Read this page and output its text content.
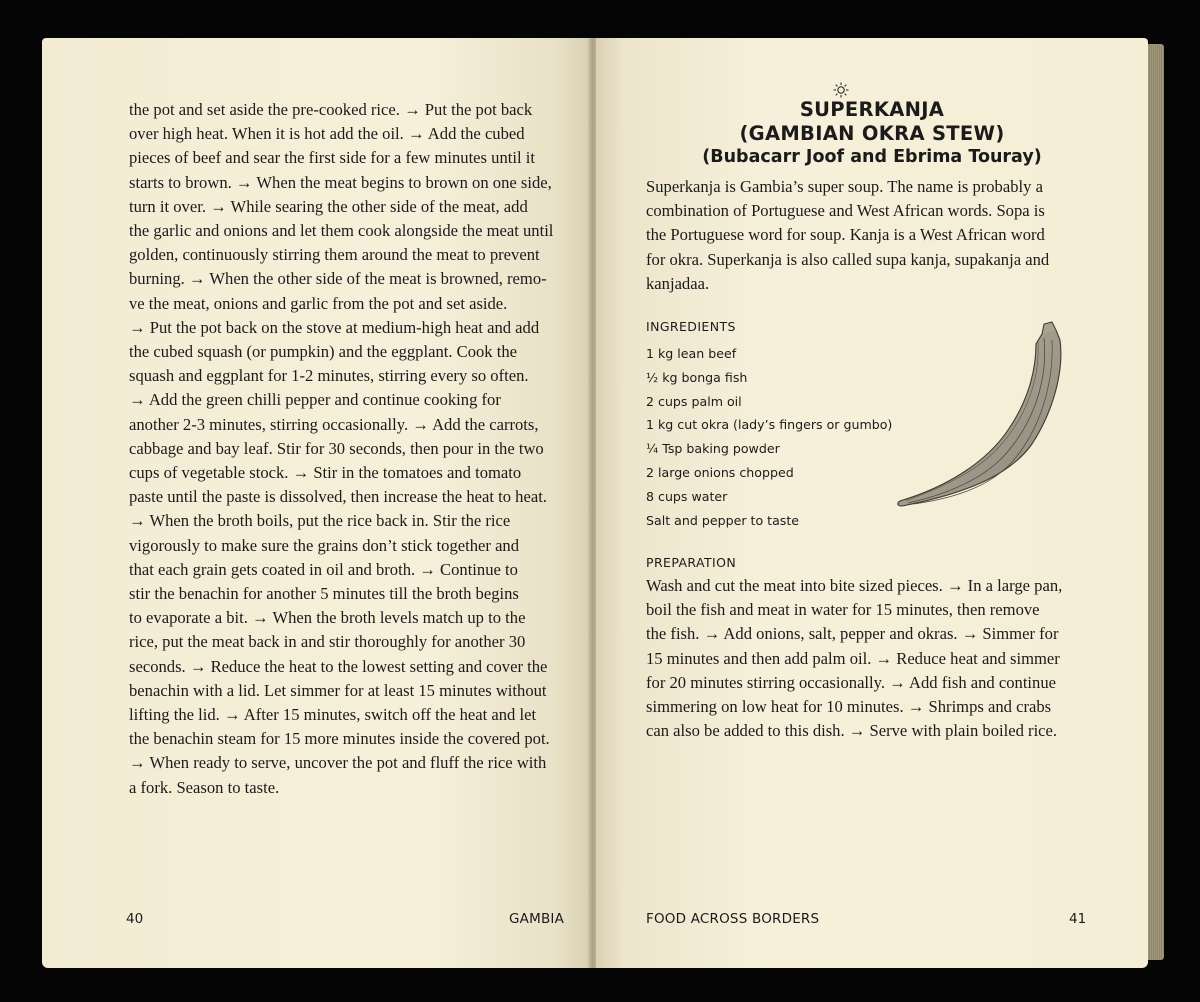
the pot and set aside the pre-cooked rice. → Put the pot back

over high heat. When it is hot add the oil. → Add the cubed

pieces of beef and sear the first side for a few minutes until it

starts to brown. → When the meat begins to brown on one side,

turn it over. → While searing the other side of the meat, add

the garlic and onions and let them cook alongside the meat until

golden, continuously stirring them around the meat to prevent

burning. → When the other side of the meat is browned, remo-

ve the meat, onions and garlic from the pot and set aside.

→ Put the pot back on the stove at medium-high heat and add

the cubed squash (or pumpkin) and the eggplant. Cook the

squash and eggplant for 1-2 minutes, stirring every so often.

→ Add the green chilli pepper and continue cooking for

another 2-3 minutes, stirring occasionally. → Add the carrots,

cabbage and bay leaf. Stir for 30 seconds, then pour in the two

cups of vegetable stock. → Stir in the tomatoes and tomato

paste until the paste is dissolved, then increase the heat to heat.

→ When the broth boils, put the rice back in. Stir the rice

vigorously to make sure the grains don’t stick together and

that each grain gets coated in oil and broth. → Continue to

stir the benachin for another 5 minutes till the broth begins

to evaporate a bit. → When the broth levels match up to the

rice, put the meat back in and stir thoroughly for another 30

seconds. → Reduce the heat to the lowest setting and cover the

benachin with a lid. Let simmer for at least 15 minutes without

lifting the lid. → After 15 minutes, switch off the heat and let

the benachin steam for 15 more minutes inside the covered pot.

→ When ready to serve, uncover the pot and fluff the rice with

a fork. Season to taste.

40	GAMBIA
SUPERKANJA
(GAMBIAN OKRA STEW)
(Bubacarr Joof and Ebrima Touray)

Superkanja is Gambia’s super soup. The name is probably a

combination of Portuguese and West African words. Sopa is

the Portuguese word for soup. Kanja is a West African word

for okra. Superkanja is also called supa kanja, supakanja and

kanjadaa.

INGREDIENTS
1 kg lean beef
½ kg bonga fish
2 cups palm oil
1 kg cut okra (lady’s fingers or gumbo)
¼ Tsp baking powder
2 large onions chopped
8 cups water
Salt and pepper to taste
PREPARATION

Wash and cut the meat into bite sized pieces. → In a large pan,

boil the fish and meat in water for 15 minutes, then remove

the fish. → Add onions, salt, pepper and okras. → Simmer for

15 minutes and then add palm oil. → Reduce heat and simmer

for 20 minutes stirring occasionally. → Add fish and continue

simmering on low heat for 10 minutes. → Shrimps and crabs

can also be added to this dish. → Serve with plain boiled rice.

FOOD ACROSS BORDERS	41
